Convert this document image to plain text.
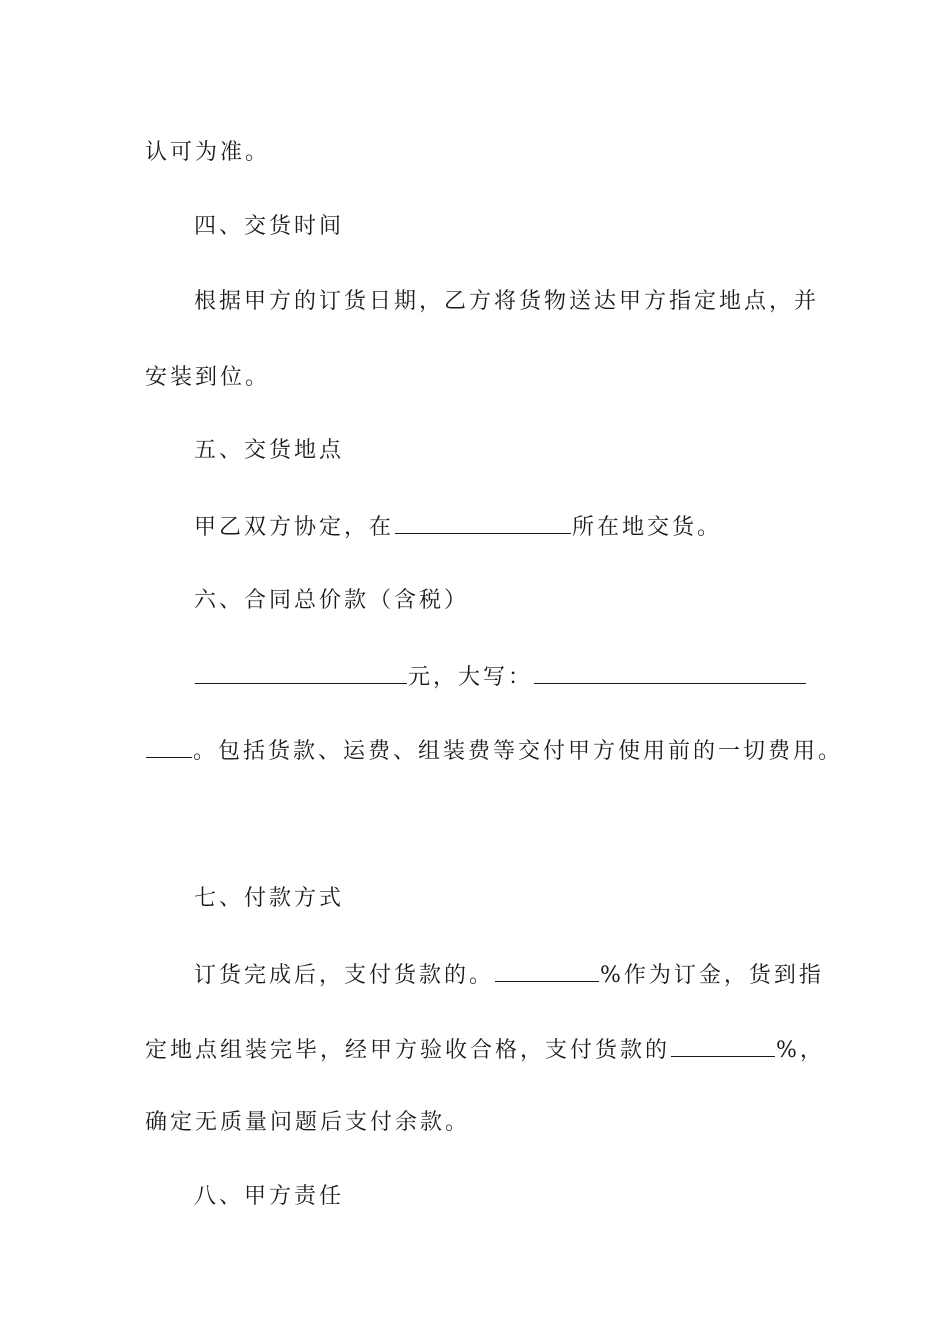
认可为准。
四、交货时间
根据甲方的订货日期，乙方将货物送达甲方指定地点，并
安装到位。
五、交货地点
甲乙双方协定，在	所在地交货。
六、合同总价款（含税）
元，大写：
。包括货款、运费、组装费等交付甲方使用前的一切费用。
七、付款方式
订货完成后，支付货款的。	%作为订金，货到指
定地点组装完毕，经甲方验收合格，支付货款的	%，
确定无质量问题后支付余款。
八、甲方责任
